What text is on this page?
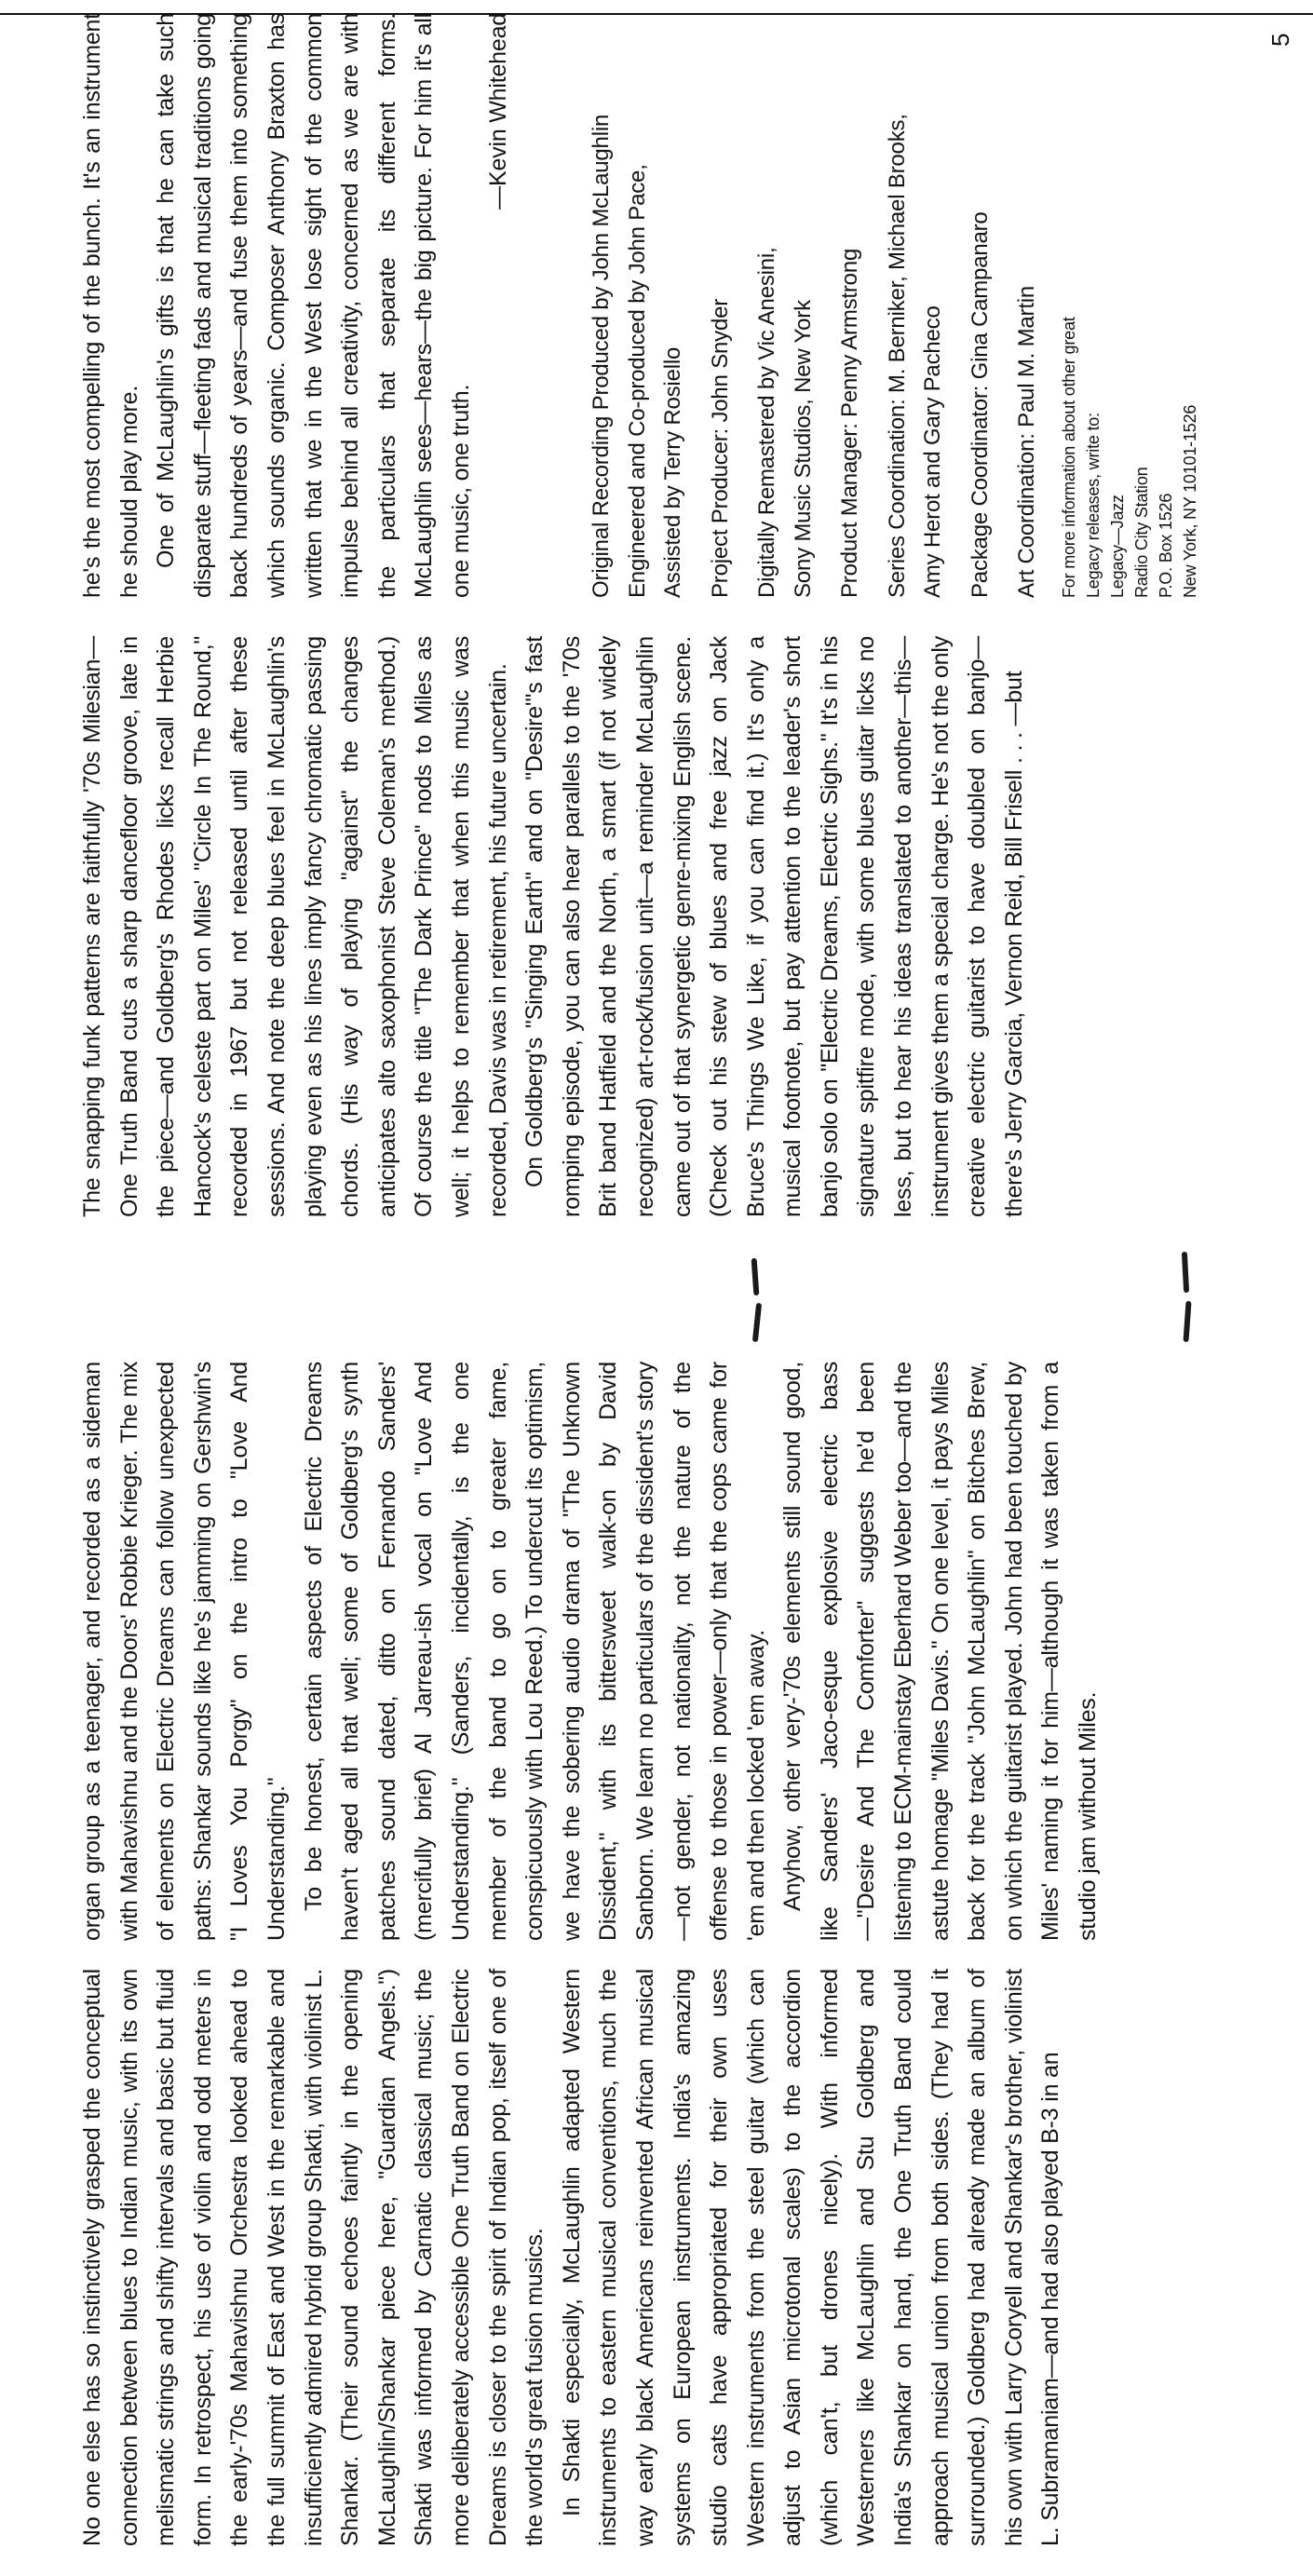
No one else has so instinctively grasped the conceptual connection between blues to Indian music, with its own melismatic strings and shifty intervals and basic but fluid form. In retrospect, his use of violin and odd meters in the early-'70s Mahavishnu Orchestra looked ahead to the full summit of East and West in the remarkable and insufficiently admired hybrid group Shakti, with violinist L. Shankar. (Their sound echoes faintly in the opening McLaughlin/Shankar piece here, "Guardian Angels.") Shakti was informed by Carnatic classical music; the more deliberately accessible One Truth Band on Electric Dreams is closer to the spirit of Indian pop, itself one of the world's great fusion musics. In Shakti especially, McLaughlin adapted Western instruments to eastern musical conventions, much the way early black Americans reinvented African musical systems on European instruments. India's amazing studio cats have appropriated for their own uses Western instruments from the steel guitar (which can adjust to Asian microtonal scales) to the accordion (which can't, but drones nicely). With informed Westerners like McLaughlin and Stu Goldberg and India's Shankar on hand, the One Truth Band could approach musical union from both sides. (They had it surrounded.) Goldberg had already made an album of his own with Larry Coryell and Shankar's brother, violinist L. Subramaniam—and had also played B-3 in an

organ group as a teenager, and recorded as a sideman with Mahavishnu and the Doors' Robbie Krieger. The mix of elements on Electric Dreams can follow unexpected paths: Shankar sounds like he's jamming on Gershwin's "I Loves You Porgy" on the intro to "Love And Understanding." To be honest, certain aspects of Electric Dreams haven't aged all that well; some of Goldberg's synth patches sound dated, ditto on Fernando Sanders' (mercifully brief) Al Jarreau-ish vocal on "Love And Understanding." (Sanders, incidentally, is the one member of the band to go on to greater fame, conspicuously with Lou Reed.) To undercut its optimism, we have the sobering audio drama of "The Unknown Dissident," with its bittersweet walk-on by David Sanborn. We learn no particulars of the dissident's story—not gender, not nationality, not the nature of the offense to those in power—only that the cops came for 'em and then locked 'em away. Anyhow, other very-'70s elements still sound good, like Sanders' Jaco-esque explosive electric bass—"Desire And The Comforter" suggests he'd been listening to ECM-mainstay Eberhard Weber too—and the astute homage "Miles Davis." On one level, it pays Miles back for the track "John McLaughlin" on Bitches Brew, on which the guitarist played. John had been touched by Miles' naming it for him—although it was taken from a studio jam without Miles.

The snapping funk patterns are faithfully '70s Milesian—One Truth Band cuts a sharp dancefloor groove, late in the piece—and Goldberg's Rhodes licks recall Herbie Hancock's celeste part on Miles' "Circle In The Round," recorded in 1967 but not released until after these sessions. And note the deep blues feel in McLaughlin's playing even as his lines imply fancy chromatic passing chords. (His way of playing "against" the changes anticipates alto saxophonist Steve Coleman's method.) Of course the title "The Dark Prince" nods to Miles as well; it helps to remember that when this music was recorded, Davis was in retirement, his future uncertain. On Goldberg's "Singing Earth" and on "Desire"'s fast romping episode, you can also hear parallels to the '70s Brit band Hatfield and the North, a smart (if not widely recognized) art-rock/fusion unit—a reminder McLaughlin came out of that synergetic genre-mixing English scene. (Check out his stew of blues and free jazz on Jack Bruce's Things We Like, if you can find it.) It's only a musical footnote, but pay attention to the leader's short banjo solo on "Electric Dreams, Electric Sighs." It's in his signature spitfire mode, with some blues guitar licks no less, but to hear his ideas translated to another—this—instrument gives them a special charge. He's not the only creative electric guitarist to have doubled on banjo—there's Jerry Garcia, Vernon Reid, Bill Frisell . . . —but

he's the most compelling of the bunch. It's an instrument he should play more. One of McLaughlin's gifts is that he can take such disparate stuff—fleeting fads and musical traditions going back hundreds of years—and fuse them into something which sounds organic. Composer Anthony Braxton has written that we in the West lose sight of the common impulse behind all creativity, concerned as we are with the particulars that separate its different forms. McLaughlin sees—hears—the big picture. For him it's all one music, one truth.

—Kevin Whitehead

Original Recording Produced by John McLaughlin Engineered and Co-produced by John Pace, Assisted by Terry Rosiello Project Producer: John Snyder Digitally Remastered by Vic Anesini, Sony Music Studios, New York Product Manager: Penny Armstrong Series Coordination: M. Berniker, Michael Brooks, Amy Herot and Gary Pacheco Package Coordinator: Gina Campanaro Art Coordination: Paul M. Martin	For more information about other great Legacy releases, write to: Legacy—Jazz Radio City Station P.O. Box 1526 New York, NY 10101-1526
5
